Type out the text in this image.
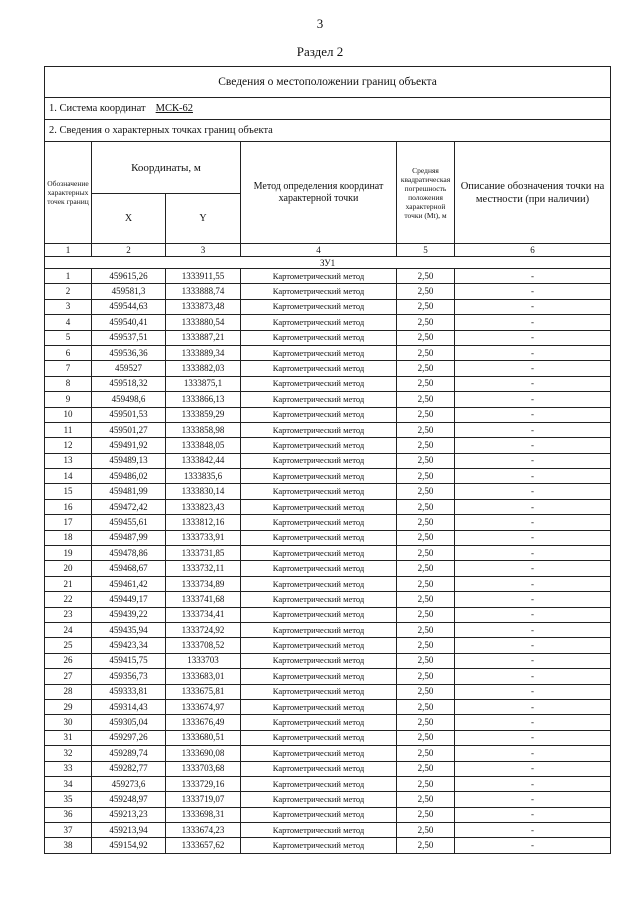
3
Раздел 2
Сведения о местоположении границ объекта					
1. Система координат МСК-62					
2. Сведения о характерных точках границ объекта					
Обозначение характерных точек границ	Координаты, м		Метод определения координат характерной точки	Средняя квадратическая погрешность положения характерной точки (Mt), м	Описание обозначения точки на местности (при наличии)
	X	Y			
1	2	3	4	5	6
ЗУ1					
1	459615,26	1333911,55	Картометрический метод	2,50	-
2	459581,3	1333888,74	Картометрический метод	2,50	-
3	459544,63	1333873,48	Картометрический метод	2,50	-
4	459540,41	1333880,54	Картометрический метод	2,50	-
5	459537,51	1333887,21	Картометрический метод	2,50	-
6	459536,36	1333889,34	Картометрический метод	2,50	-
7	459527	1333882,03	Картометрический метод	2,50	-
8	459518,32	1333875,1	Картометрический метод	2,50	-
9	459498,6	1333866,13	Картометрический метод	2,50	-
10	459501,53	1333859,29	Картометрический метод	2,50	-
11	459501,27	1333858,98	Картометрический метод	2,50	-
12	459491,92	1333848,05	Картометрический метод	2,50	-
13	459489,13	1333842,44	Картометрический метод	2,50	-
14	459486,02	1333835,6	Картометрический метод	2,50	-
15	459481,99	1333830,14	Картометрический метод	2,50	-
16	459472,42	1333823,43	Картометрический метод	2,50	-
17	459455,61	1333812,16	Картометрический метод	2,50	-
18	459487,99	1333733,91	Картометрический метод	2,50	-
19	459478,86	1333731,85	Картометрический метод	2,50	-
20	459468,67	1333732,11	Картометрический метод	2,50	-
21	459461,42	1333734,89	Картометрический метод	2,50	-
22	459449,17	1333741,68	Картометрический метод	2,50	-
23	459439,22	1333734,41	Картометрический метод	2,50	-
24	459435,94	1333724,92	Картометрический метод	2,50	-
25	459423,34	1333708,52	Картометрический метод	2,50	-
26	459415,75	1333703	Картометрический метод	2,50	-
27	459356,73	1333683,01	Картометрический метод	2,50	-
28	459333,81	1333675,81	Картометрический метод	2,50	-
29	459314,43	1333674,97	Картометрический метод	2,50	-
30	459305,04	1333676,49	Картометрический метод	2,50	-
31	459297,26	1333680,51	Картометрический метод	2,50	-
32	459289,74	1333690,08	Картометрический метод	2,50	-
33	459282,77	1333703,68	Картометрический метод	2,50	-
34	459273,6	1333729,16	Картометрический метод	2,50	-
35	459248,97	1333719,07	Картометрический метод	2,50	-
36	459213,23	1333698,31	Картометрический метод	2,50	-
37	459213,94	1333674,23	Картометрический метод	2,50	-
38	459154,92	1333657,62	Картометрический метод	2,50	-
